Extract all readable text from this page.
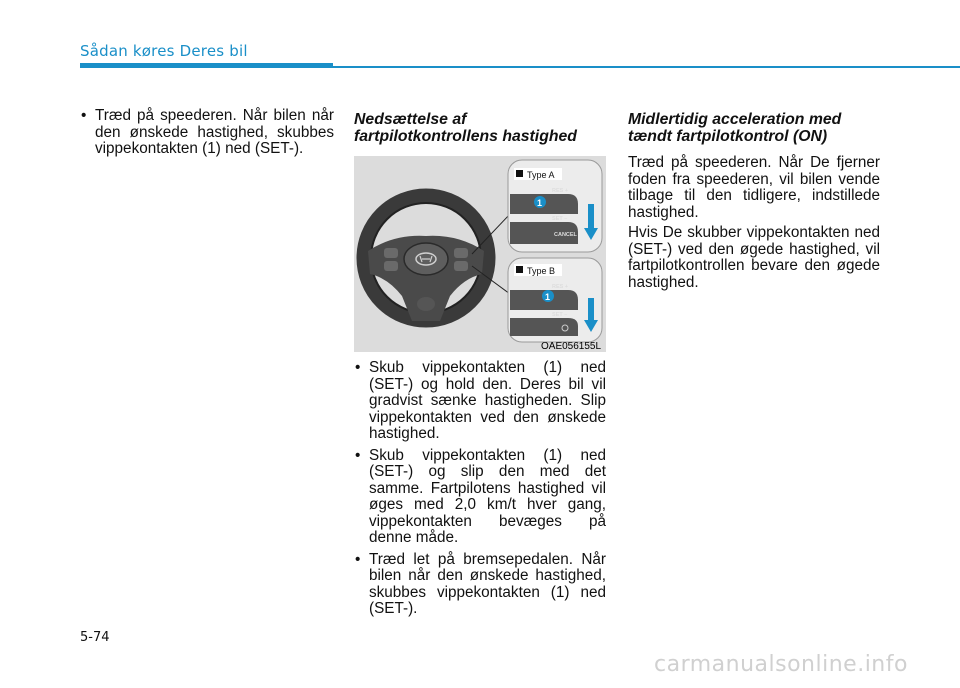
Sådan køres Deres bil
• Træd på speederen. Når bilen når den ønskede hastighed, skubbes vippekontakten (1) ned (SET-).
Nedsættelse af
fartpilotkontrollens hastighed
• Skub vippekontakten (1) ned (SET-) og hold den. Deres bil vil gradvist sænke hastigheden. Slip vippekontakten ved den ønskede hastighed.
• Skub vippekontakten (1) ned (SET-) og slip den med det samme. Fartpilotens hastighed vil øges med 2,0 km/t hver gang, vippekontakten bevæges på denne måde.
• Træd let på bremsepedalen. Når bilen når den ønskede hastighed, skubbes vippekontakten (1) ned (SET-).
Type A
RES +
SET –
CANCEL
1
Type B
RES +
SET –
1
OAE056155L
Midlertidig acceleration med
tændt fartpilotkontrol (ON)

Træd på speederen. Når De fjerner foden fra speederen, vil bilen vende tilbage til den tidligere, indstillede hastighed.

Hvis De skubber vippekontakten ned (SET-) ved den øgede hastighed, vil fartpilotkontrollen bevare den øgede hastighed.

5-74
carmanualsonline.info
